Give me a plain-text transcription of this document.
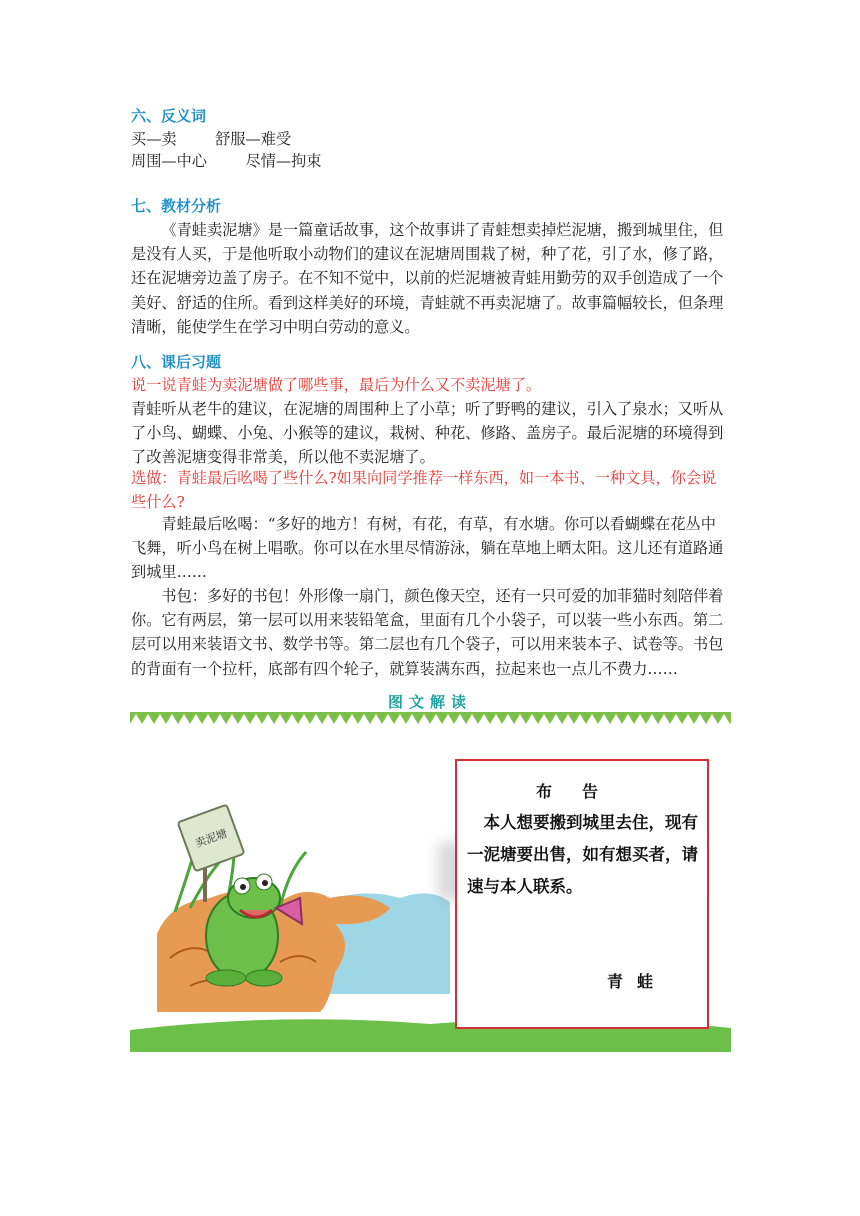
六、反义词
买—卖        舒服—难受
周围—中心        尽情—拘束
七、教材分析
《青蛙卖泥塘》是一篇童话故事，这个故事讲了青蛙想卖掉烂泥塘，搬到城里住，但是没有人买，于是他听取小动物们的建议在泥塘周围栽了树，种了花，引了水，修了路，还在泥塘旁边盖了房子。在不知不觉中，以前的烂泥塘被青蛙用勤劳的双手创造成了一个美好、舒适的住所。看到这样美好的环境，青蛙就不再卖泥塘了。故事篇幅较长，但条理清晰，能使学生在学习中明白劳动的意义。
八、课后习题
说一说青蛙为卖泥塘做了哪些事，最后为什么又不卖泥塘了。
青蛙听从老牛的建议，在泥塘的周围种上了小草；听了野鸭的建议，引入了泉水；又听从了小鸟、蝴蝶、小兔、小猴等的建议，栽树、种花、修路、盖房子。最后泥塘的环境得到了改善泥塘变得非常美，所以他不卖泥塘了。
选做：青蛙最后吆喝了些什么?如果向同学推荐一样东西，如一本书、一种文具，你会说些什么?
青蛙最后吆喝：“多好的地方！有树，有花，有草，有水塘。你可以看蝴蝶在花丛中飞舞，听小鸟在树上唱歌。你可以在水里尽情游泳，躺在草地上晒太阳。这儿还有道路通到城里……
书包：多好的书包！外形像一扇门，颜色像天空，还有一只可爱的加菲猫时刻陪伴着你。它有两层，第一层可以用来装铅笔盒，里面有几个小袋子，可以装一些小东西。第二层可以用来装语文书、数学书等。第二层也有几个袋子，可以用来装本子、试卷等。书包的背面有一个拉杆，底部有四个轮子，就算装满东西，拉起来也一点儿不费力……
图文解读
卖泥塘
布告
本人想要搬到城里去住，现有一泥塘要出售，如有想买者，请速与本人联系。
青蛙
